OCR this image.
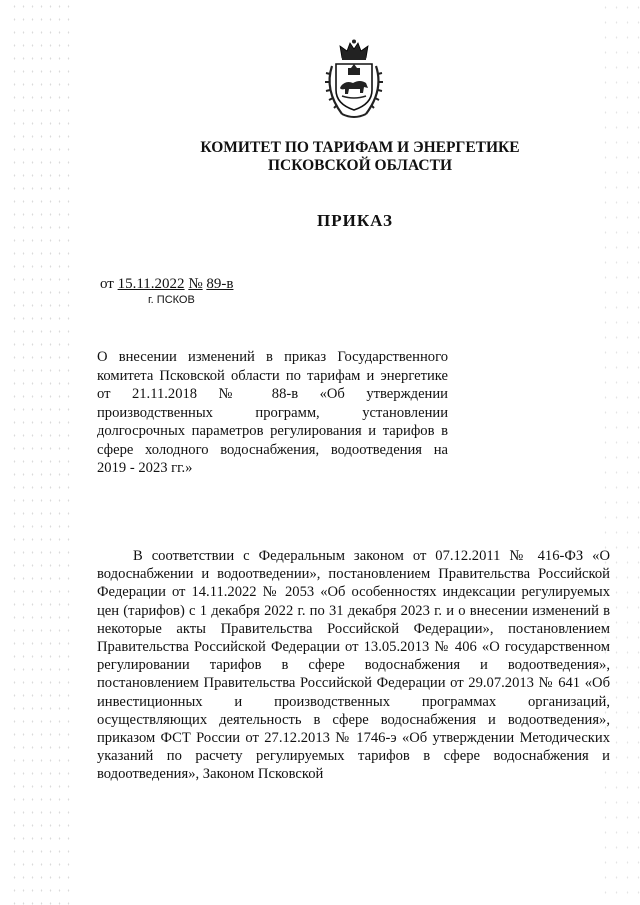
КОМИТЕТ ПО ТАРИФАМ И ЭНЕРГЕТИКЕ
ПСКОВСКОЙ ОБЛАСТИ
ПРИКАЗ
от 15.11.2022 № 89-в
г. ПСКОВ
О внесении изменений в приказ Государственного комитета Псковской области по тарифам и энергетике от 21.11.2018 № 88-в «Об утверждении производственных программ, установлении долгосрочных параметров регулирования и тарифов в сфере холодного водоснабжения, водоотведения на 2019 - 2023 гг.»
В соответствии с Федеральным законом от 07.12.2011 № 416-ФЗ «О водоснабжении и водоотведении», постановлением Правительства Российской Федерации от 14.11.2022 № 2053 «Об особенностях индексации регулируемых цен (тарифов) с 1 декабря 2022 г. по 31 декабря 2023 г. и о внесении изменений в некоторые акты Правительства Российской Федерации», постановлением Правительства Российской Федерации от 13.05.2013 № 406 «О государственном регулировании тарифов в сфере водоснабжения и водоотведения», постановлением Правительства Российской Федерации от 29.07.2013 № 641 «Об инвестиционных и производственных программах организаций, осуществляющих деятельность в сфере водоснабжения и водоотведения», приказом ФСТ России от 27.12.2013 № 1746-э «Об утверждении Методических указаний по расчету регулируемых тарифов в сфере водоснабжения и водоотведения», Законом Псковской
